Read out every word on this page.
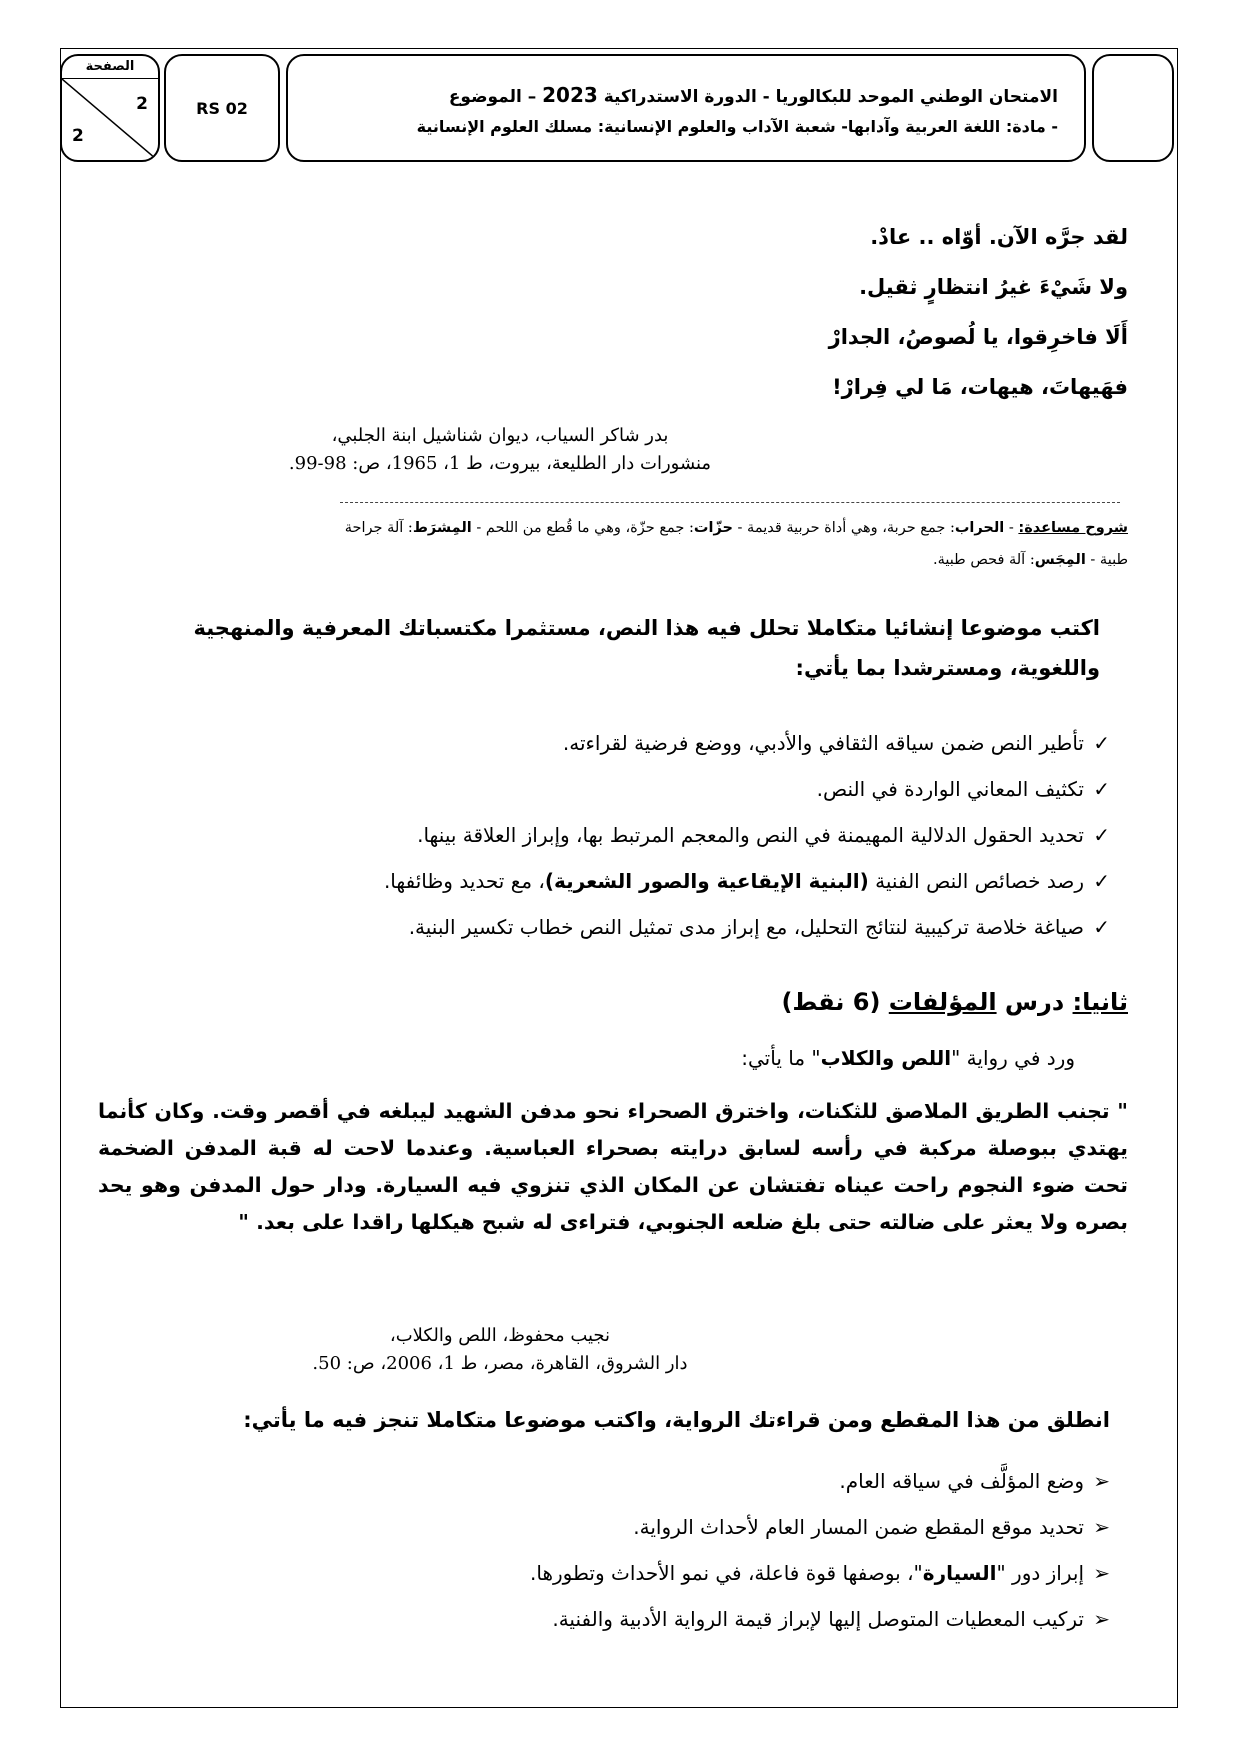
الامتحان الوطني الموحد للبكالوريا - الدورة الاستدراكية 2023 – الموضوع
- مادة: اللغة العربية وآدابها- شعبة الآداب والعلوم الإنسانية: مسلك العلوم الإنسانية
RS 02
الصفحة
2
2
لقد جرَّه الآن. أوّاه .. عادْ.
ولا شَيْءَ غيرُ انتظارٍ ثقيل.
أَلَا فاخرِقوا، يا لُصوصُ، الجدارْ
فهَيهاتَ، هيهات، مَا لي فِرارْ!
بدر شاكر السياب، ديوان شناشيل ابنة الجلبي،
منشورات دار الطليعة، بيروت، ط 1، 1965، ص: 98-99.
شروح مساعدة: - الحراب: جمع حربة، وهي أداة حربية قديمة - حزّات: جمع حزّة، وهي ما قُطع من اللحم - المِشرَط: آلة جراحة
طبية - المِجَس: آلة فحص طبية.
اكتب موضوعا إنشائيا متكاملا تحلل فيه هذا النص، مستثمرا مكتسباتك المعرفية والمنهجية واللغوية، ومسترشدا بما يأتي:
✓تأطير النص ضمن سياقه الثقافي والأدبي، ووضع فرضية لقراءته.
✓تكثيف المعاني الواردة في النص.
✓تحديد الحقول الدلالية المهيمنة في النص والمعجم المرتبط بها، وإبراز العلاقة بينها.
✓رصد خصائص النص الفنية (البنية الإيقاعية والصور الشعرية)، مع تحديد وظائفها.
✓صياغة خلاصة تركيبية لنتائج التحليل، مع إبراز مدى تمثيل النص خطاب تكسير البنية.
ثانيا: درس المؤلفات (6 نقط)
ورد في رواية "اللص والكلاب" ما يأتي:
" تجنب الطريق الملاصق للثكنات، واخترق الصحراء نحو مدفن الشهيد ليبلغه في أقصر وقت. وكان كأنما يهتدي ببوصلة مركبة في رأسه لسابق درايته بصحراء العباسية. وعندما لاحت له قبة المدفن الضخمة تحت ضوء النجوم راحت عيناه تفتشان عن المكان الذي تنزوي فيه السيارة. ودار حول المدفن وهو يحد بصره ولا يعثر على ضالته حتى بلغ ضلعه الجنوبي، فتراءى له شبح هيكلها راقدا على بعد. "
نجيب محفوظ، اللص والكلاب،
دار الشروق، القاهرة، مصر، ط 1، 2006، ص: 50.
انطلق من هذا المقطع ومن قراءتك الرواية، واكتب موضوعا متكاملا تنجز فيه ما يأتي:
➢وضع المؤلَّف في سياقه العام.
➢تحديد موقع المقطع ضمن المسار العام لأحداث الرواية.
➢إبراز دور "السيارة"، بوصفها قوة فاعلة، في نمو الأحداث وتطورها.
➢تركيب المعطيات المتوصل إليها لإبراز قيمة الرواية الأدبية والفنية.
